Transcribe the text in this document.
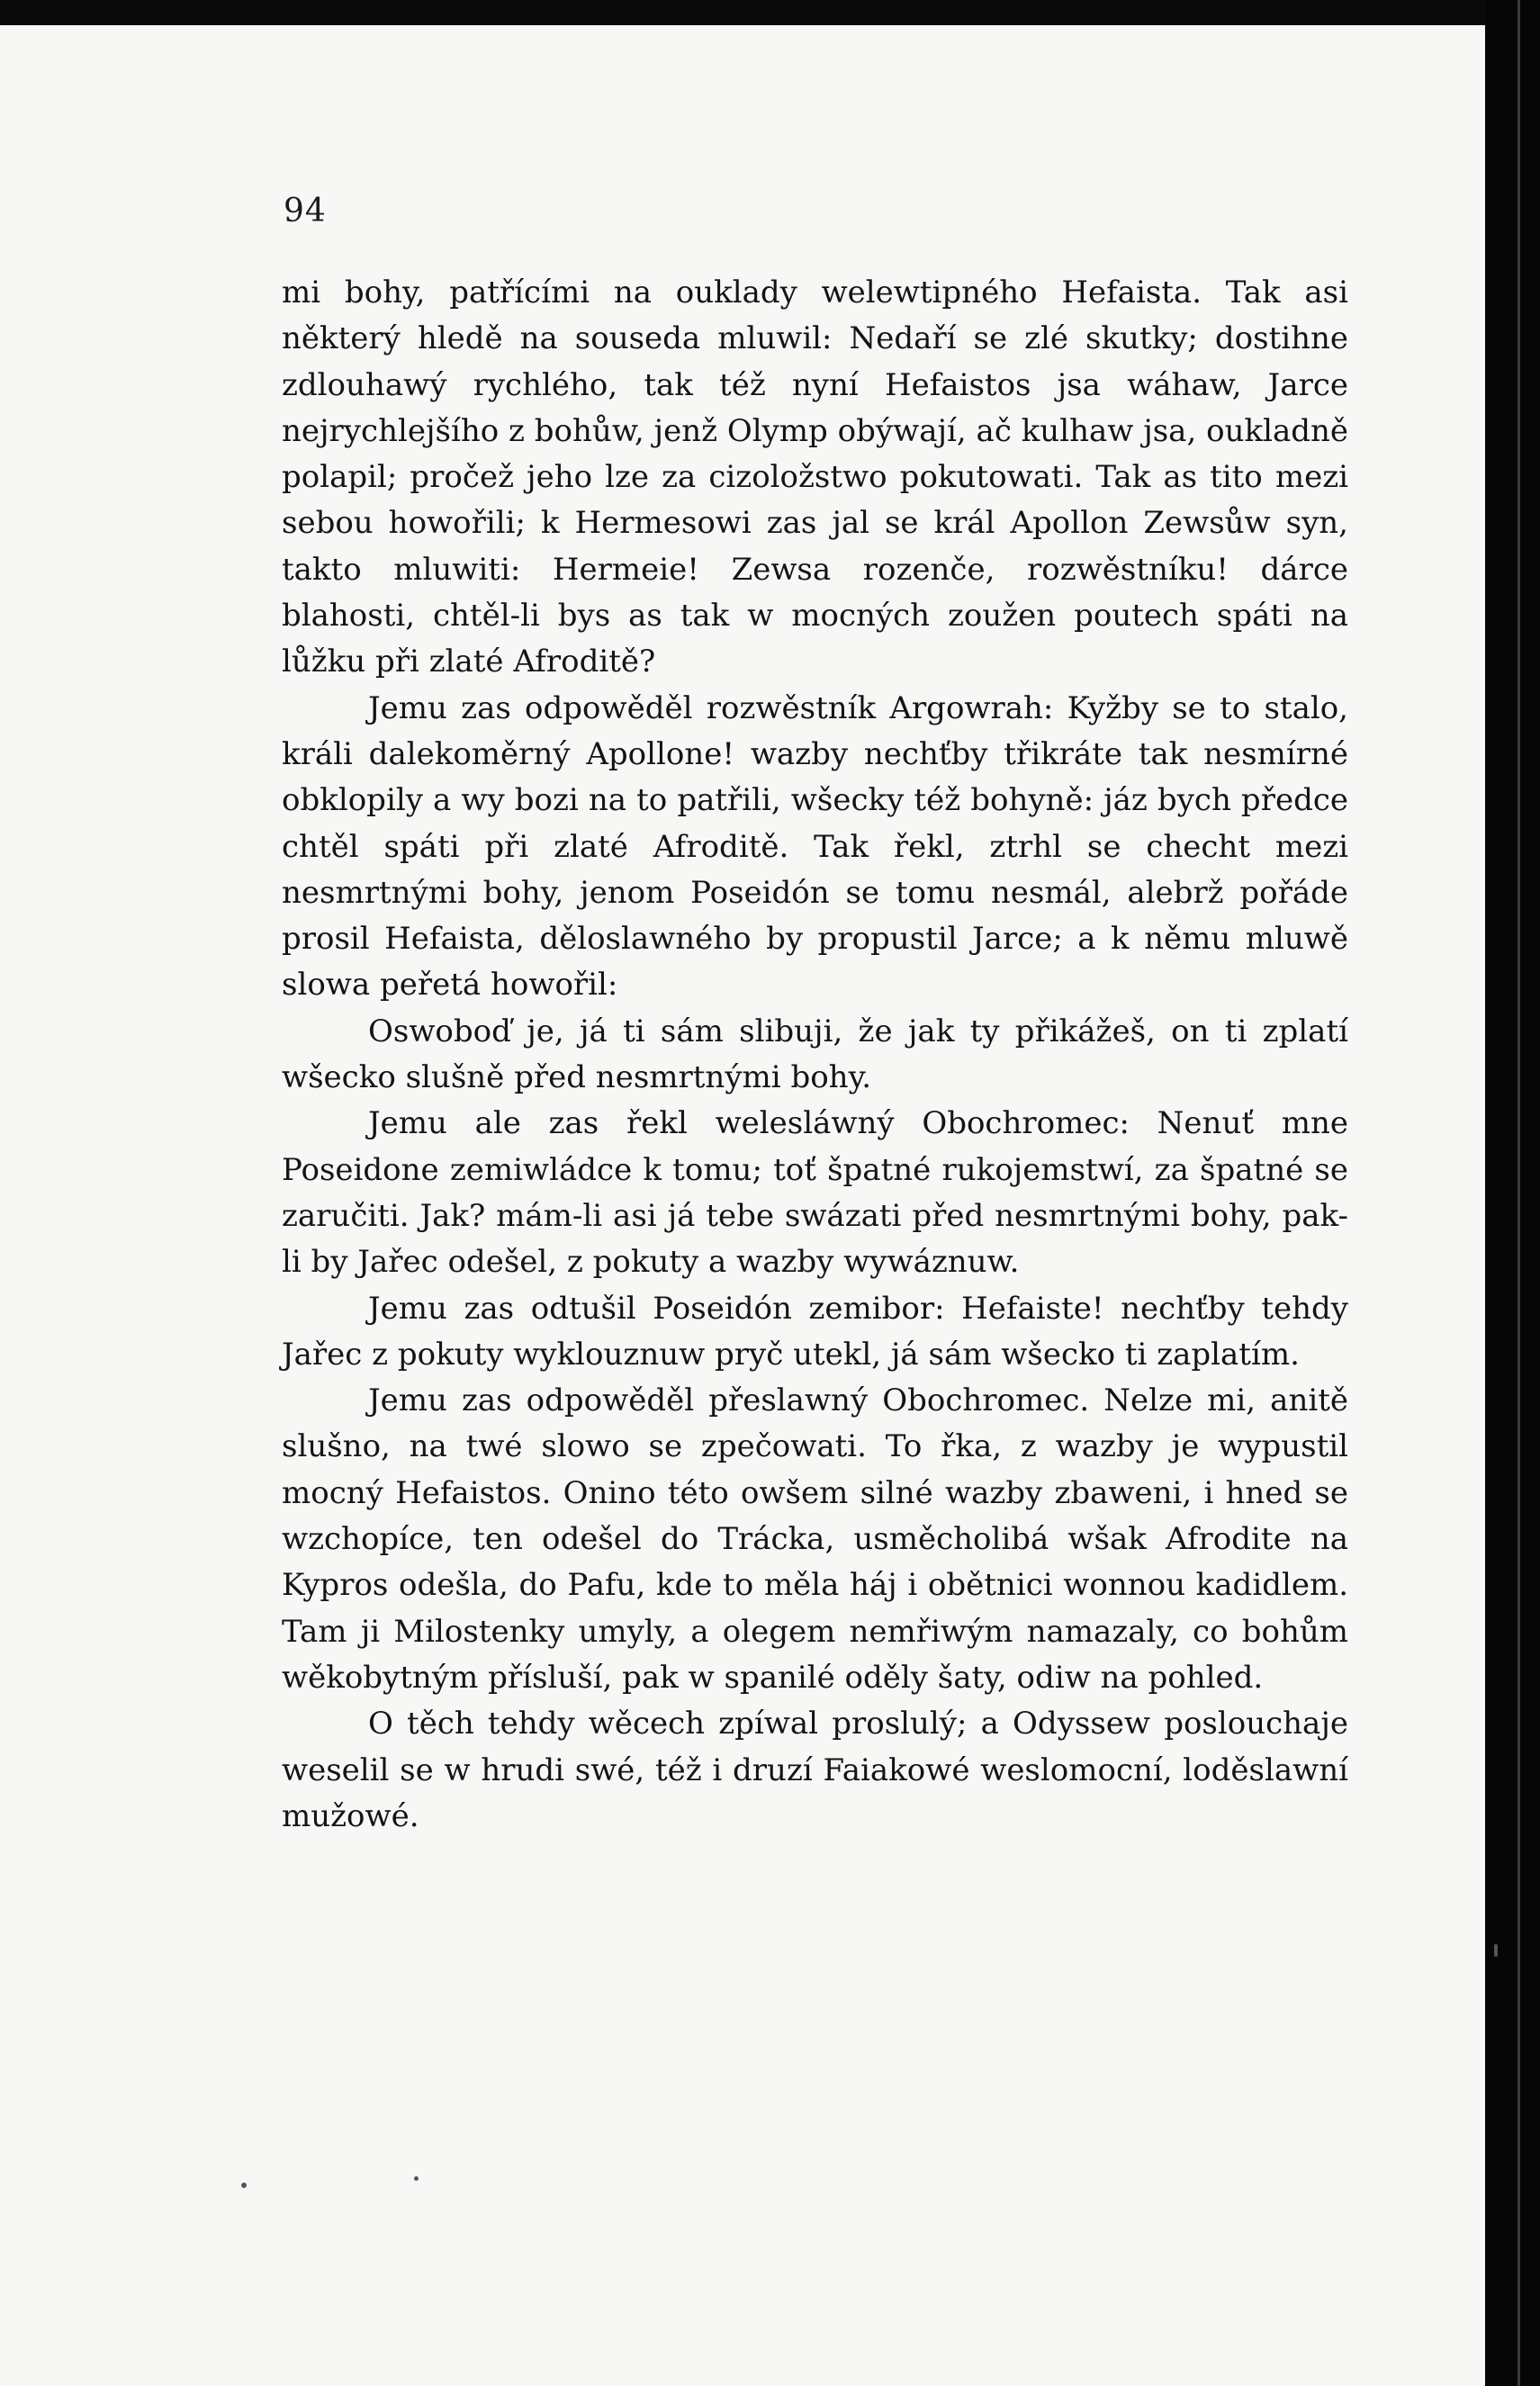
94

mi bohy, patřícími na ouklady welewtipného Hefaista. Tak asi některý hledě na souseda mluwil: Nedaří se zlé skutky; dostihne zdlouhawý rychlého, tak též nyní Hefaistos jsa wáhaw, Jarce nejrychlejšího z bohůw, jenž Olymp obýwají, ač kulhaw jsa, oukladně polapil; pročež jeho lze za cizoložstwo pokutowati. Tak as tito mezi sebou howořili; k Hermesowi zas jal se král Apollon Zewsůw syn, takto mluwiti: Hermeie! Zewsa rozenče, rozwěstníku! dárce blahosti, chtěl-li bys as tak w mocných zoužen poutech spáti na lůžku při zlaté Afroditě?

Jemu zas odpowěděl rozwěstník Argowrah: Kyžby se to stalo, králi dalekoměrný Apollone! wazby nechťby třikráte tak nesmírné obklopily a wy bozi na to patřili, wšecky též bohyně: jáz bych předce chtěl spáti při zlaté Afroditě. Tak řekl, ztrhl se checht mezi nesmrtnými bohy, jenom Poseidón se tomu nesmál, alebrž pořáde prosil Hefaista, děloslawného by propustil Jarce; a k němu mluwě slowa peřetá howořil:

Oswoboď je, já ti sám slibuji, že jak ty přikážeš, on ti zplatí wšecko slušně před nesmrtnými bohy.

Jemu ale zas řekl welesláwný Obochromec: Nenuť mne Poseidone zemiwládce k tomu; toť špatné rukojemstwí, za špatné se zaručiti. Jak? mám-li asi já tebe swázati před nesmrtnými bohy, pak-li by Jařec odešel, z pokuty a wazby wywáznuw.

Jemu zas odtušil Poseidón zemibor: Hefaiste! nechťby tehdy Jařec z pokuty wyklouznuw pryč utekl, já sám wšecko ti zaplatím.

Jemu zas odpowěděl přeslawný Obochromec. Nelze mi, anitě slušno, na twé slowo se zpečowati. To řka, z wazby je wypustil mocný Hefaistos. Onino této owšem silné wazby zbaweni, i hned se wzchopíce, ten odešel do Trácka, usměcholibá wšak Afrodite na Kypros odešla, do Pafu, kde to měla háj i obětnici wonnou kadidlem. Tam ji Milostenky umyly, a olegem nemřiwým namazaly, co bohům wěkobytným přísluší, pak w spanilé oděly šaty, odiw na pohled.

O těch tehdy wěcech zpíwal proslulý; a Odyssew poslouchaje weselil se w hrudi swé, též i druzí Faiakowé weslomocní, loděslawní mužowé.
